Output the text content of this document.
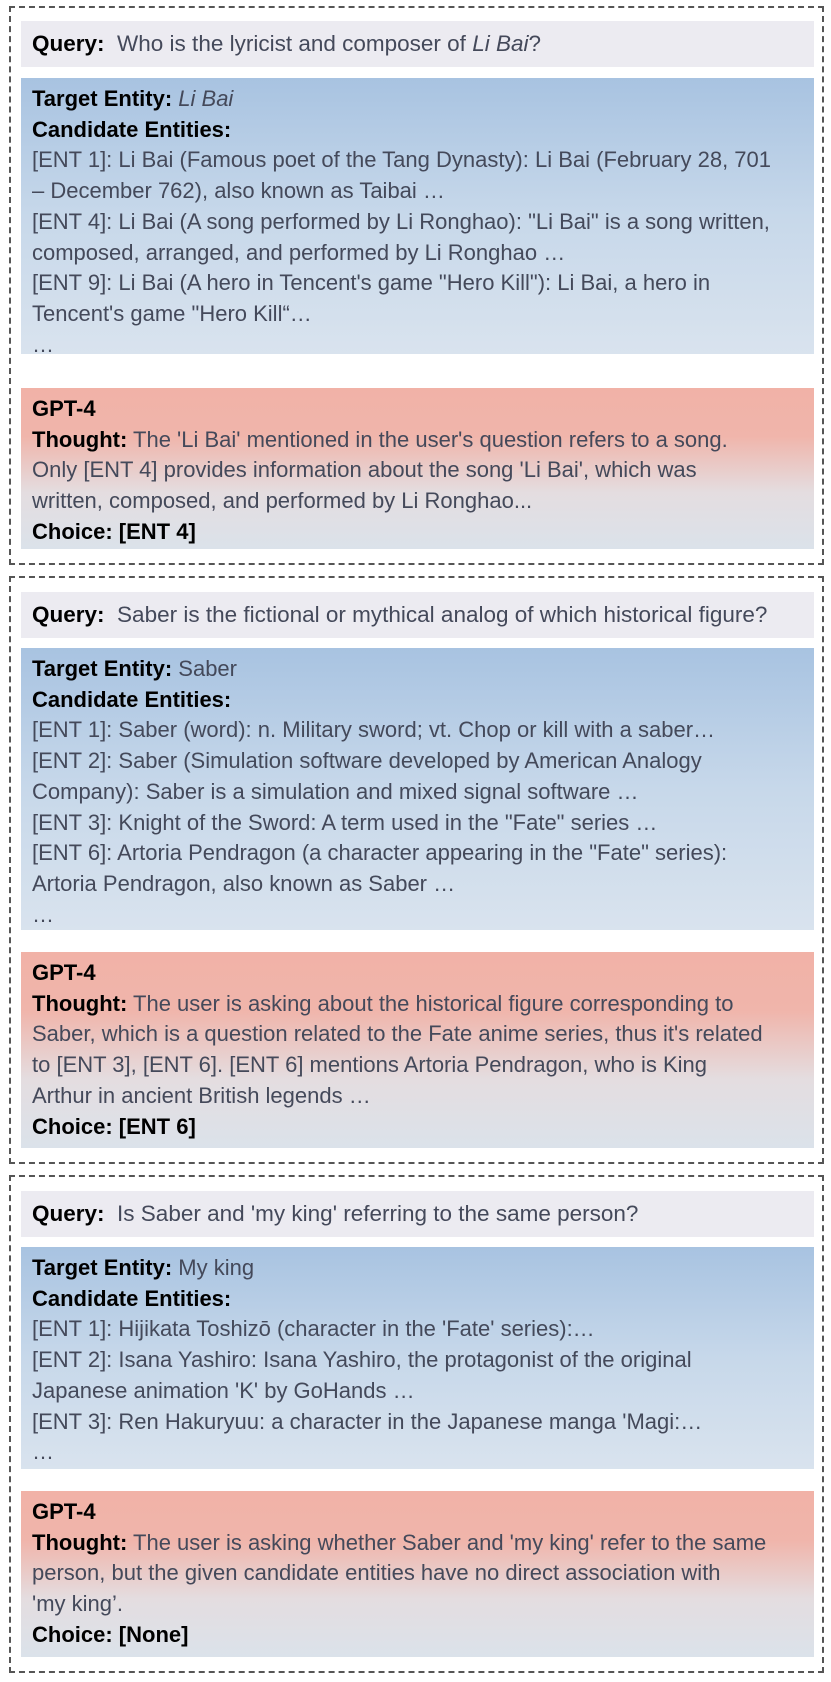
Query: Who is the lyricist and composer of Li Bai?
Target Entity: Li Bai
Candidate Entities:
[ENT 1]: Li Bai (Famous poet of the Tang Dynasty): Li Bai (February 28, 701
– December 762), also known as Taibai …
[ENT 4]: Li Bai (A song performed by Li Ronghao): "Li Bai" is a song written,
composed, arranged, and performed by Li Ronghao …
[ENT 9]: Li Bai (A hero in Tencent's game "Hero Kill"): Li Bai, a hero in
Tencent's game "Hero Kill“…
…
GPT-4
Thought: The 'Li Bai' mentioned in the user's question refers to a song.
Only [ENT 4] provides information about the song 'Li Bai', which was
written, composed, and performed by Li Ronghao...
Choice: [ENT 4]
Query: Saber is the fictional or mythical analog of which historical figure?
Target Entity: Saber
Candidate Entities:
[ENT 1]: Saber (word): n. Military sword; vt. Chop or kill with a saber…
[ENT 2]: Saber (Simulation software developed by American Analogy
Company): Saber is a simulation and mixed signal software …
[ENT 3]: Knight of the Sword: A term used in the "Fate" series …
[ENT 6]: Artoria Pendragon (a character appearing in the "Fate" series):
Artoria Pendragon, also known as Saber …
…
GPT-4
Thought: The user is asking about the historical figure corresponding to
Saber, which is a question related to the Fate anime series, thus it's related
to [ENT 3], [ENT 6]. [ENT 6] mentions Artoria Pendragon, who is King
Arthur in ancient British legends …
Choice: [ENT 6]
Query: Is Saber and 'my king' referring to the same person?
Target Entity: My king
Candidate Entities:
[ENT 1]: Hijikata Toshizō (character in the 'Fate' series):…
[ENT 2]: Isana Yashiro: Isana Yashiro, the protagonist of the original
Japanese animation 'K' by GoHands …
[ENT 3]: Ren Hakuryuu: a character in the Japanese manga 'Magi:…
…
GPT-4
Thought: The user is asking whether Saber and 'my king' refer to the same
person, but the given candidate entities have no direct association with
'my king’.
Choice: [None]
